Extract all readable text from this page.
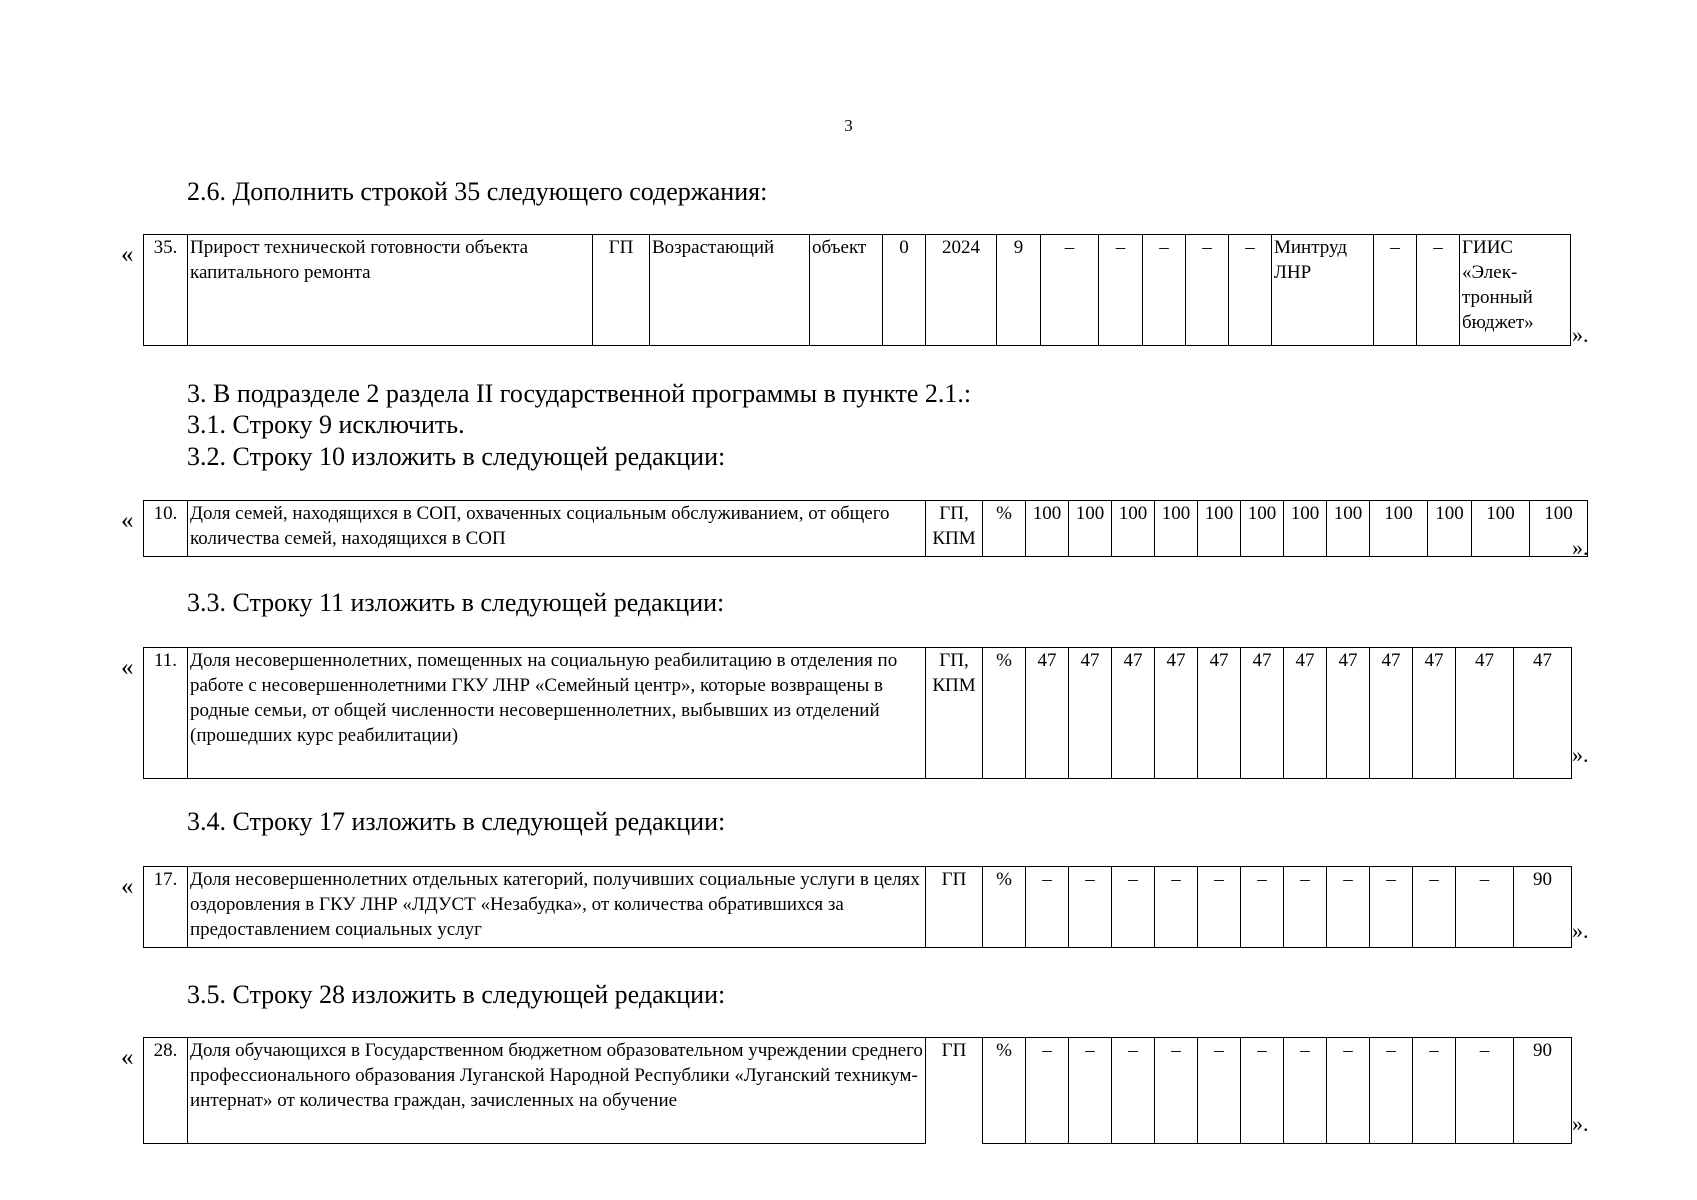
3
2.6. Дополнить строкой 35 следующего содержания:
« 35.	Прирост технической готовности объекта капитального ремонта	ГП	Возрастающий	объект	0	2024	9	–	–	–	–	–	Минтруд ЛНР	–	–	ГИИС «Элек-тронный бюджет» ».
3. В подразделе 2 раздела II государственной программы в пункте 2.1.:
3.1. Строку 9 исключить.
3.2. Строку 10 изложить в следующей редакции:
« 10.	Доля семей, находящихся в СОП, охваченных социальным обслуживанием, от общего количества семей, находящихся в СОП	ГП, КПМ	%	100	100	100	100	100	100	100	100	100	100	100	100
».
3.3. Строку 11 изложить в следующей редакции:
« 11.	Доля несовершеннолетних, помещенных на социальную реабилитацию в отделения по работе с несовершеннолетними ГКУ ЛНР «Семейный центр», которые возвращены в родные семьи, от общей численности несовершеннолетних, выбывших из отделений (прошедших курс реабилитации)	ГП, КПМ	%	47	47	47	47	47	47	47	47	47	47	47	47
».
3.4. Строку 17 изложить в следующей редакции:
« 17.	Доля несовершеннолетних отдельных категорий, получивших социальные услуги в целях оздоровления в ГКУ ЛНР «ЛДУСТ «Незабудка», от количества обратившихся за предоставлением социальных услуг	ГП	%	–	–	–	–	–	–	–	–	–	–	–	90
».
3.5. Строку 28 изложить в следующей редакции:
« 28.	Доля обучающихся в Государственном бюджетном образовательном учреждении среднего профессионального образования Луганской Народной Республики «Луганский техникум-интернат» от количества граждан, зачисленных на обучение	ГП	%	–	–	–	–	–	–	–	–	–	–	–	90
».
